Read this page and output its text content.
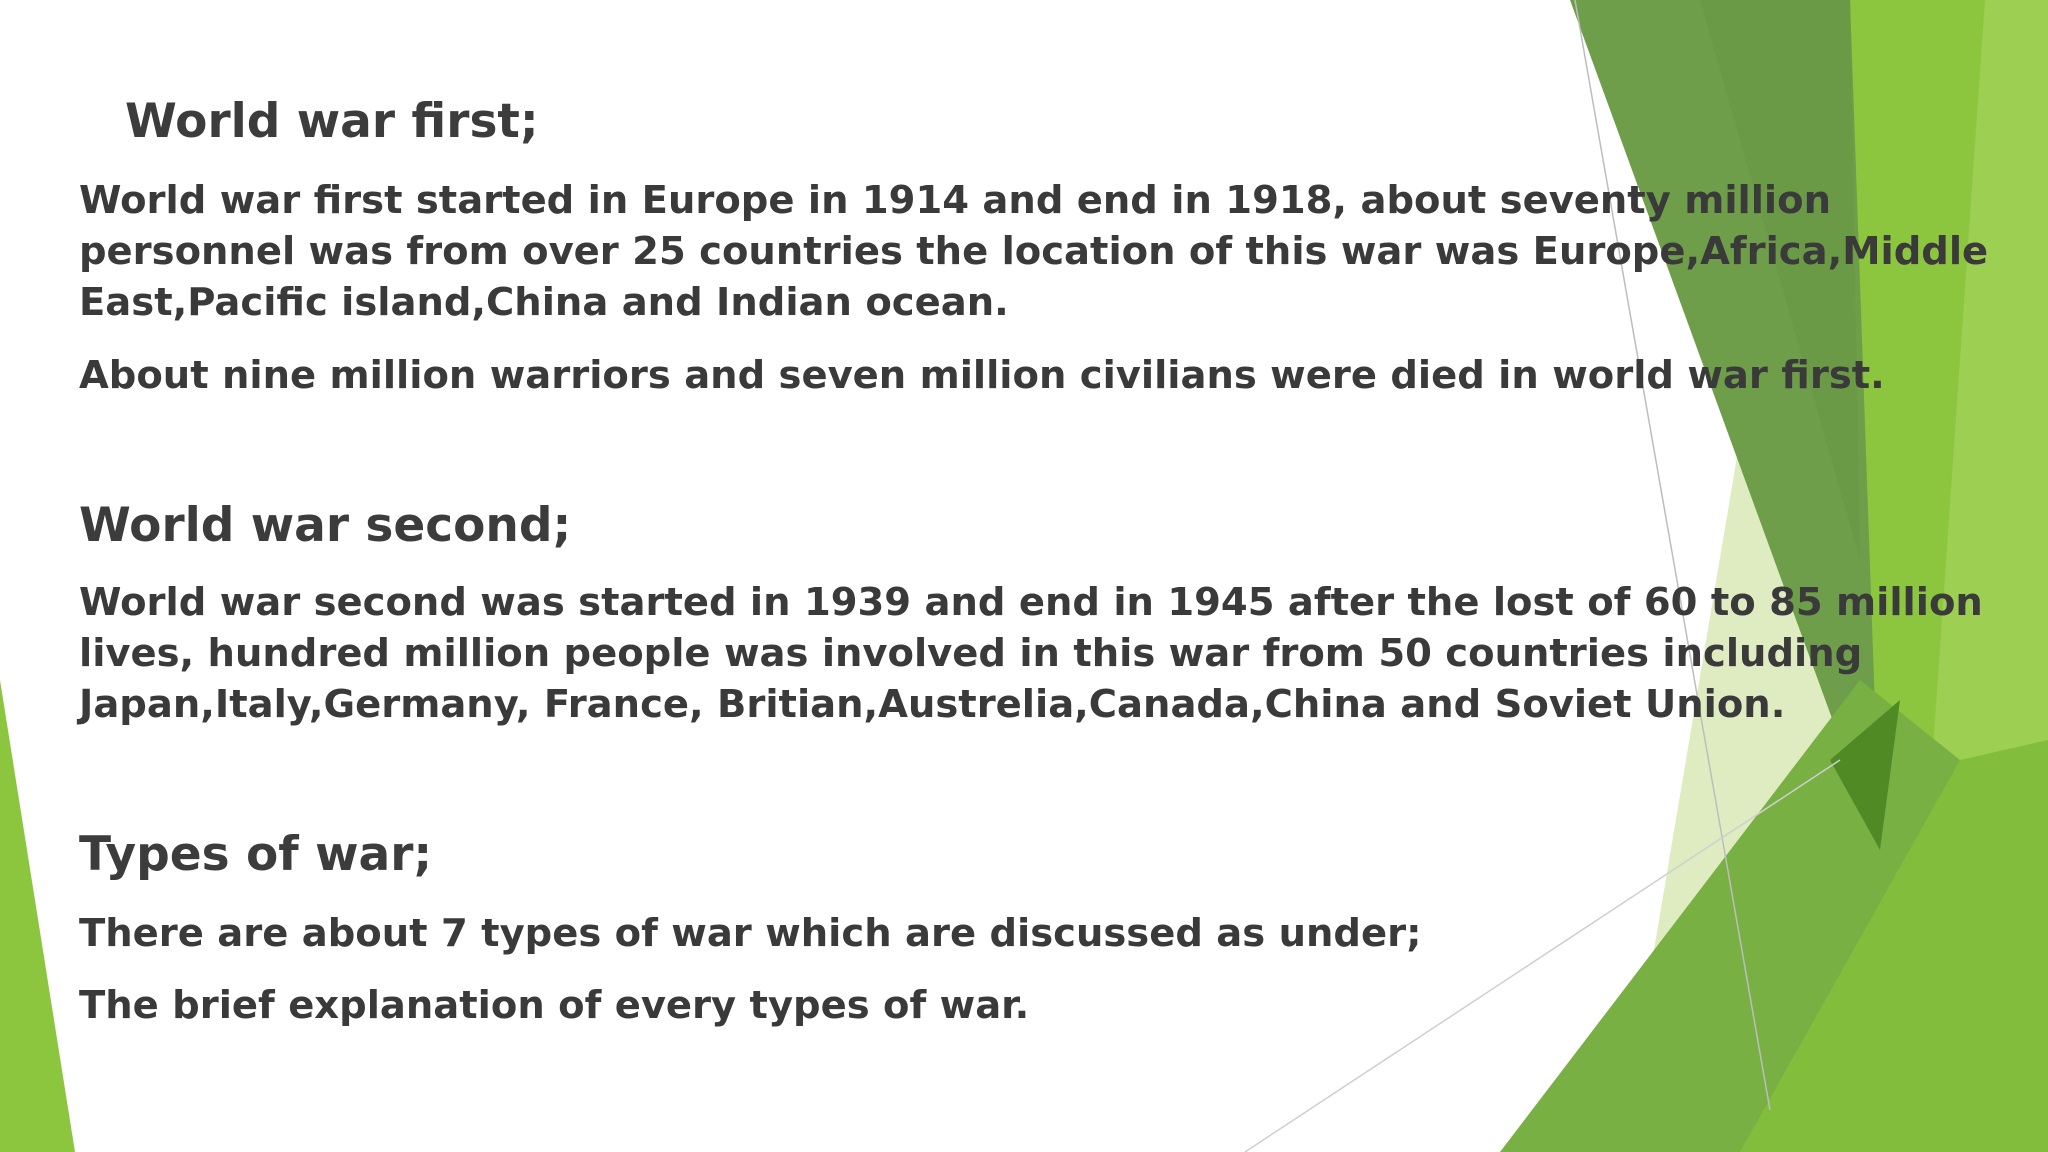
World war first;

World war first started in Europe in 1914 and end in 1918, about seventy million personnel was from over 25 countries the location of this war was Europe,Africa,Middle East,Pacific island,China and Indian ocean.

About nine million warriors and seven million civilians were died in world war first.

World war second;

World war second was started in 1939 and end in 1945 after the lost of 60 to 85 million lives, hundred million people was involved in this war from 50 countries including Japan,Italy,Germany, France, Britian,Austrelia,Canada,China and Soviet Union.

Types of war;

There are about 7 types of war which are discussed as under;

The brief explanation of every types of war.
